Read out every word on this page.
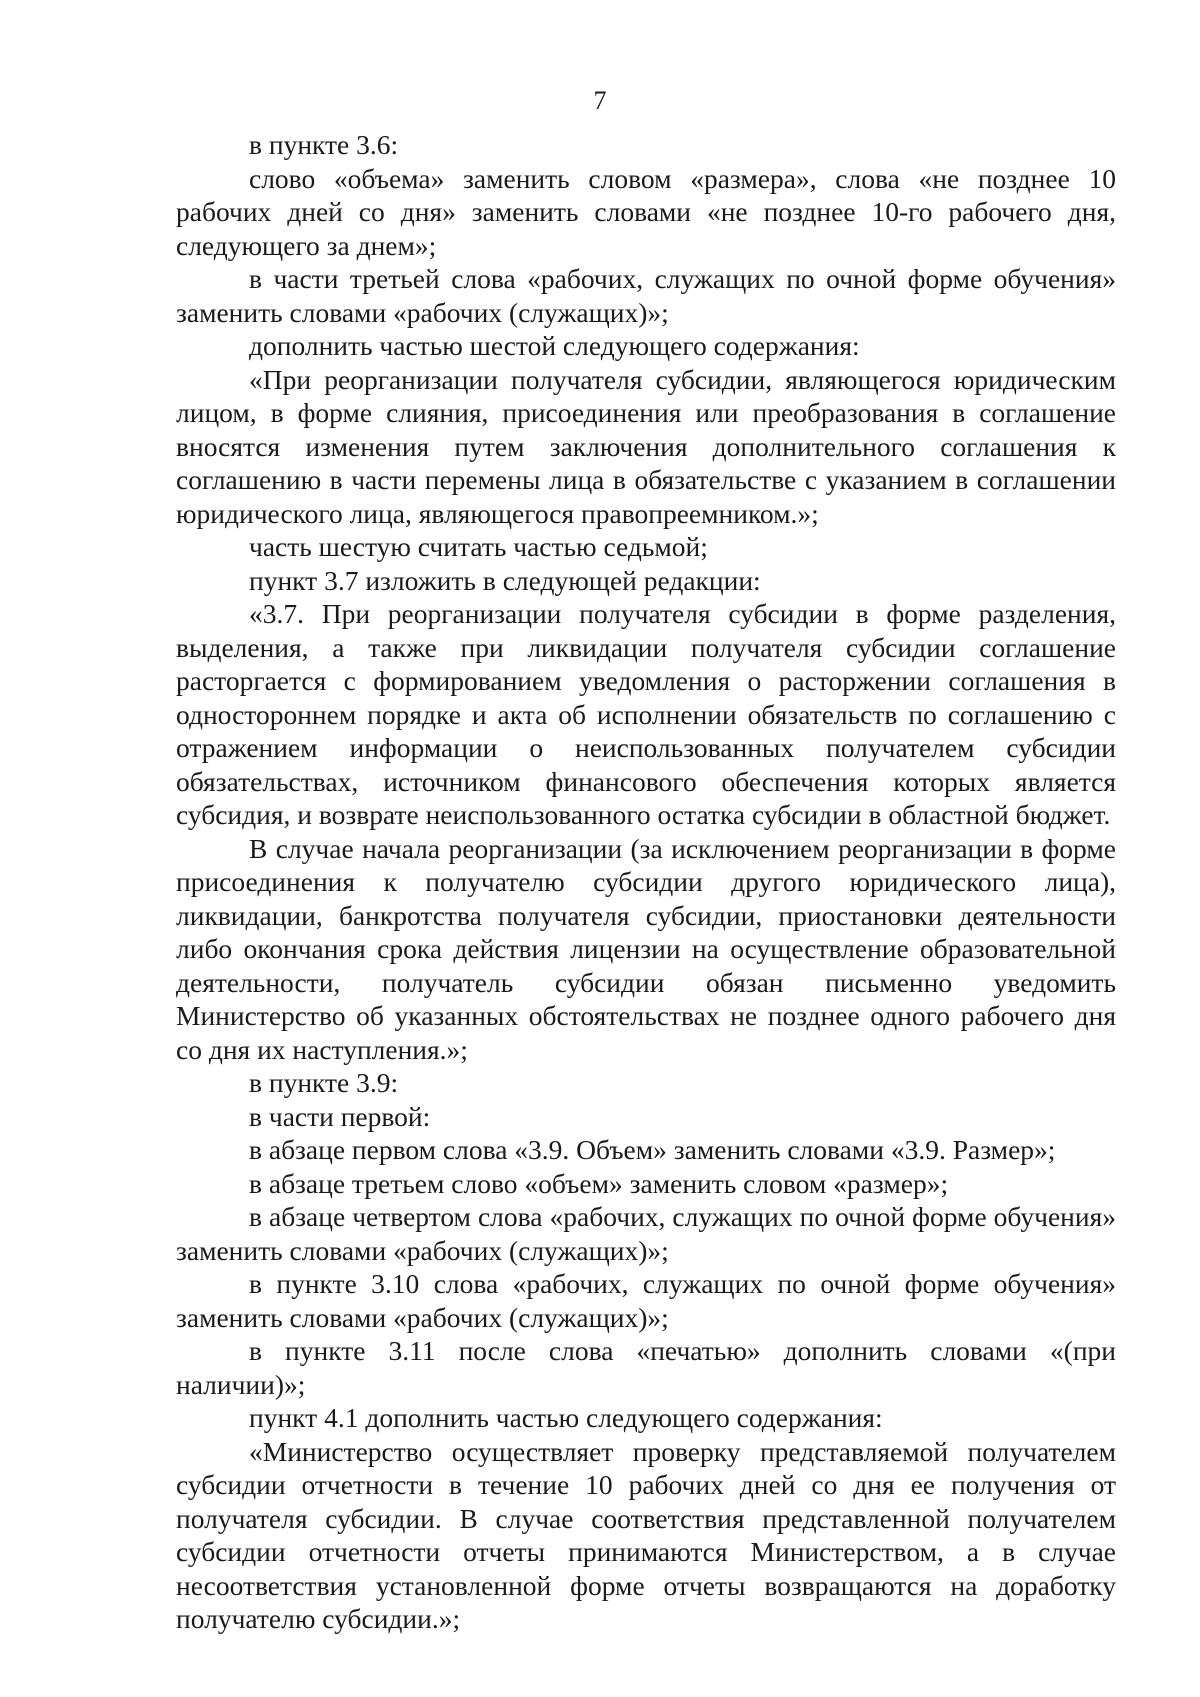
7

в пункте 3.6:

слово «объема» заменить словом «размера», слова «не позднее 10 рабочих дней со дня» заменить словами «не позднее 10-го рабочего дня, следующего за днем»;

в части третьей слова «рабочих, служащих по очной форме обучения» заменить словами «рабочих (служащих)»;

дополнить частью шестой следующего содержания:

«При реорганизации получателя субсидии, являющегося юридическим лицом, в форме слияния, присоединения или преобразования в соглашение вносятся изменения путем заключения дополнительного соглашения к соглашению в части перемены лица в обязательстве с указанием в соглашении юридического лица, являющегося правопреемником.»;

часть шестую считать частью седьмой;

пункт 3.7 изложить в следующей редакции:

«3.7. При реорганизации получателя субсидии в форме разделения, выделения, а также при ликвидации получателя субсидии соглашение расторгается с формированием уведомления о расторжении соглашения в одностороннем порядке и акта об исполнении обязательств по соглашению с отражением информации о неиспользованных получателем субсидии обязательствах, источником финансового обеспечения которых является субсидия, и возврате неиспользованного остатка субсидии в областной бюджет.

В случае начала реорганизации (за исключением реорганизации в форме присоединения к получателю субсидии другого юридического лица), ликвидации, банкротства получателя субсидии, приостановки деятельности либо окончания срока действия лицензии на осуществление образовательной деятельности, получатель субсидии обязан письменно уведомить Министерство об указанных обстоятельствах не позднее одного рабочего дня со дня их наступления.»;

в пункте 3.9:

в части первой:

в абзаце первом слова «3.9. Объем» заменить словами «3.9. Размер»;

в абзаце третьем слово «объем» заменить словом «размер»;

в абзаце четвертом слова «рабочих, служащих по очной форме обучения» заменить словами «рабочих (служащих)»;

в пункте 3.10 слова «рабочих, служащих по очной форме обучения» заменить словами «рабочих (служащих)»;

в пункте 3.11 после слова «печатью» дополнить словами «(при наличии)»;

пункт 4.1 дополнить частью следующего содержания:

«Министерство осуществляет проверку представляемой получателем субсидии отчетности в течение 10 рабочих дней со дня ее получения от получателя субсидии. В случае соответствия представленной получателем субсидии отчетности отчеты принимаются Министерством, а в случае несоответствия установленной форме отчеты возвращаются на доработку получателю субсидии.»;
